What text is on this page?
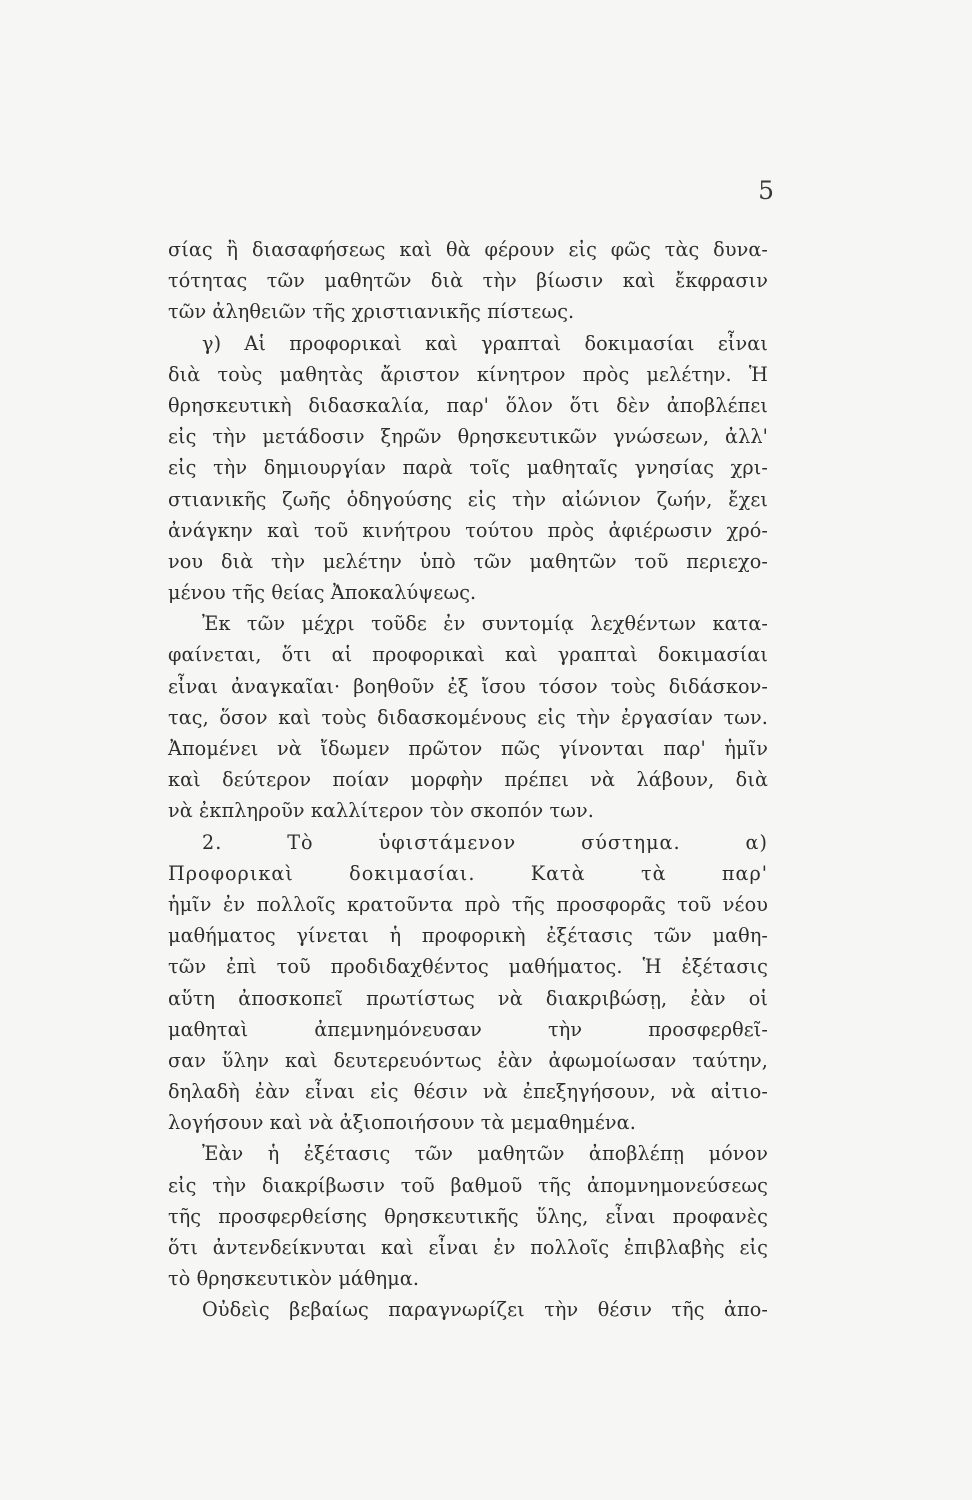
5
σίας ἢ διασαφήσεως καὶ θὰ φέρουν εἰς φῶς τὰς δυνα-
τότητας τῶν μαθητῶν διὰ τὴν βίωσιν καὶ ἔκφρασιν
τῶν ἀληθειῶν τῆς χριστιανικῆς πίστεως.
γ) Αἱ προφορικαὶ καὶ γραπταὶ δοκιμασίαι εἶναι
διὰ τοὺς μαθητὰς ἄριστον κίνητρον πρὸς μελέτην. Ἡ
θρησκευτικὴ διδασκαλία, παρ' ὅλον ὅτι δὲν ἀποβλέπει
εἰς τὴν μετάδοσιν ξηρῶν θρησκευτικῶν γνώσεων, ἀλλ'
εἰς τὴν δημιουργίαν παρὰ τοῖς μαθηταῖς γνησίας χρι-
στιανικῆς ζωῆς ὁδηγούσης εἰς τὴν αἰώνιον ζωήν, ἔχει
ἀνάγκην καὶ τοῦ κινήτρου τούτου πρὸς ἀφιέρωσιν χρό-
νου διὰ τὴν μελέτην ὑπὸ τῶν μαθητῶν τοῦ περιεχο-
μένου τῆς θείας Ἀποκαλύψεως.
Ἐκ τῶν μέχρι τοῦδε ἐν συντομίᾳ λεχθέντων κατα-
φαίνεται, ὅτι αἱ προφορικαὶ καὶ γραπταὶ δοκιμασίαι
εἶναι ἀναγκαῖαι· βοηθοῦν ἐξ ἴσου τόσον τοὺς διδάσκον-
τας, ὅσον καὶ τοὺς διδασκομένους εἰς τὴν ἐργασίαν των.
Ἀπομένει νὰ ἴδωμεν πρῶτον πῶς γίνονται παρ' ἡμῖν
καὶ δεύτερον ποίαν μορφὴν πρέπει νὰ λάβουν, διὰ
νὰ ἐκπληροῦν καλλίτερον τὸν σκοπόν των.
2. Τὸ ὑφιστάμενον σύστημα. α)
Προφορικαὶ δοκιμασίαι. Κατὰ τὰ παρ'
ἡμῖν ἐν πολλοῖς κρατοῦντα πρὸ τῆς προσφορᾶς τοῦ νέου
μαθήματος γίνεται ἡ προφορικὴ ἐξέτασις τῶν μαθη-
τῶν ἐπὶ τοῦ προδιδαχθέντος μαθήματος. Ἡ ἐξέτασις
αὕτη ἀποσκοπεῖ πρωτίστως νὰ διακριβώσῃ, ἐὰν οἱ
μαθηταὶ ἀπεμνημόνευσαν τὴν προσφερθεῖ-
σαν ὕλην καὶ δευτερευόντως ἐὰν ἀφωμοίωσαν ταύτην,
δηλαδὴ ἐὰν εἶναι εἰς θέσιν νὰ ἐπεξηγήσουν, νὰ αἰτιο-
λογήσουν καὶ νὰ ἀξιοποιήσουν τὰ μεμαθημένα.
Ἐὰν ἡ ἐξέτασις τῶν μαθητῶν ἀποβλέπῃ μόνον
εἰς τὴν διακρίβωσιν τοῦ βαθμοῦ τῆς ἀπομνημονεύσεως
τῆς προσφερθείσης θρησκευτικῆς ὕλης, εἶναι προφανὲς
ὅτι ἀντενδείκνυται καὶ εἶναι ἐν πολλοῖς ἐπιβλαβὴς εἰς
τὸ θρησκευτικὸν μάθημα.
Οὐδεὶς βεβαίως παραγνωρίζει τὴν θέσιν τῆς ἀπο-
